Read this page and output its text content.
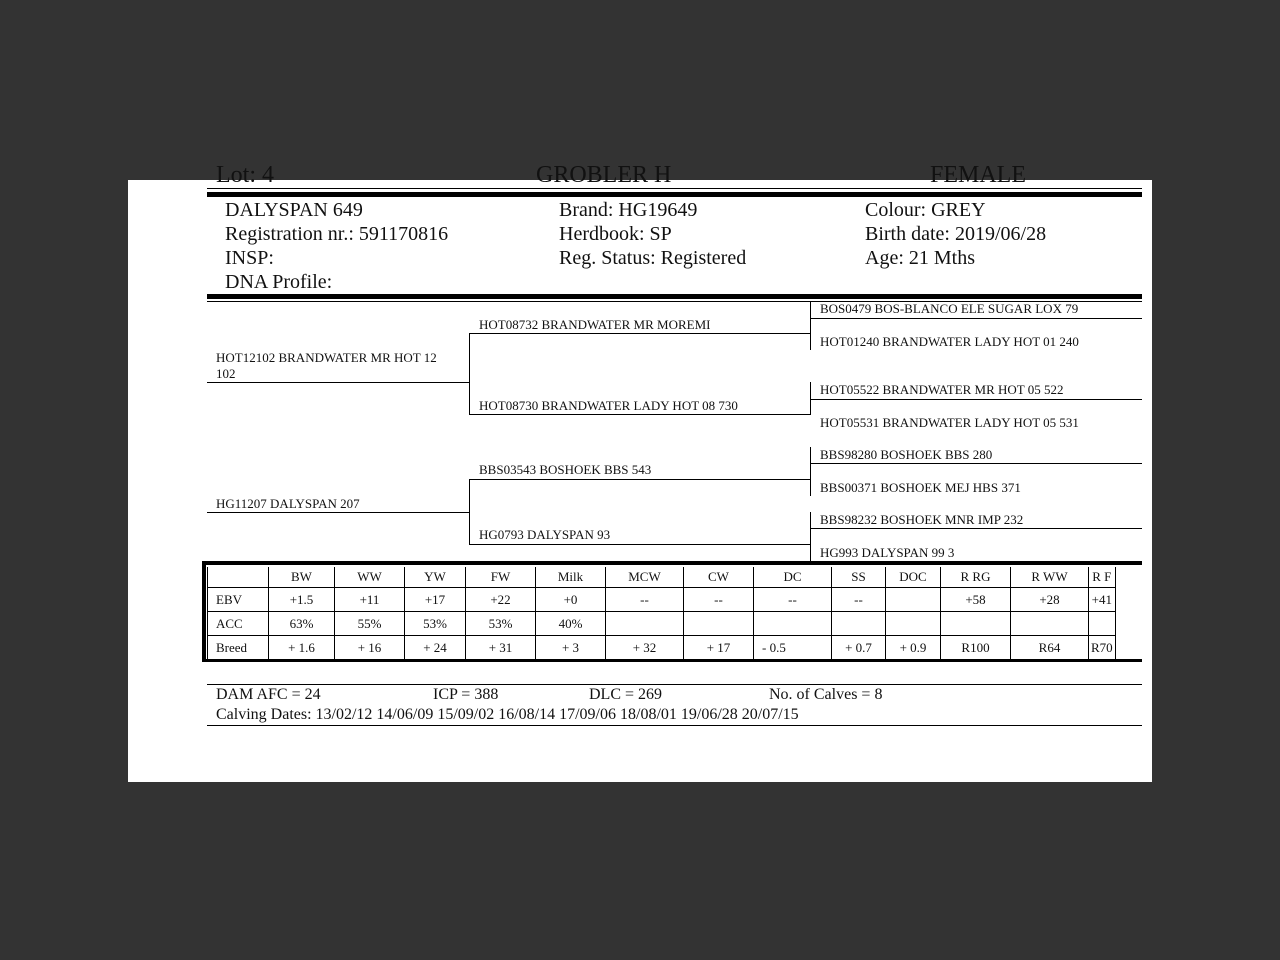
Lot: 4	GROBLER H	FEMALE
DALYSPAN 649
Registration nr.: 591170816
INSP:
DNA Profile:
Brand: HG19649
Herdbook: SP
Reg. Status: Registered
Colour: GREY
Birth date: 2019/06/28
Age: 21 Mths
HOT12102 BRANDWATER MR HOT 12 102
HG11207 DALYSPAN 207
HOT08732 BRANDWATER MR MOREMI
HOT08730 BRANDWATER LADY HOT 08 730
BBS03543 BOSHOEK BBS 543
HG0793 DALYSPAN 93
BOS0479 BOS-BLANCO ELE SUGAR LOX 79
HOT01240 BRANDWATER LADY HOT 01 240
HOT05522 BRANDWATER MR HOT 05 522
HOT05531 BRANDWATER LADY HOT 05 531
BBS98280 BOSHOEK BBS 280
BBS00371 BOSHOEK MEJ HBS 371
BBS98232 BOSHOEK MNR IMP 232
HG993 DALYSPAN 99 3
	BW	WW	YW	FW	Milk	MCW	CW	DC	SS	DOC	R RG	R WW	R F
EBV	+1.5	+11	+17	+22	+0	--	--	--	--		+58	+28	+41
ACC	63%	55%	53%	53%	40%								
Breed	+ 1.6	+ 16	+ 24	+ 31	+ 3	+ 32	+ 17	- 0.5	+ 0.7	+ 0.9	R100	R64	R70
DAM AFC = 24	ICP = 388	DLC = 269	No. of Calves = 8
Calving Dates: 13/02/12 14/06/09 15/09/02 16/08/14 17/09/06 18/08/01 19/06/28 20/07/15
